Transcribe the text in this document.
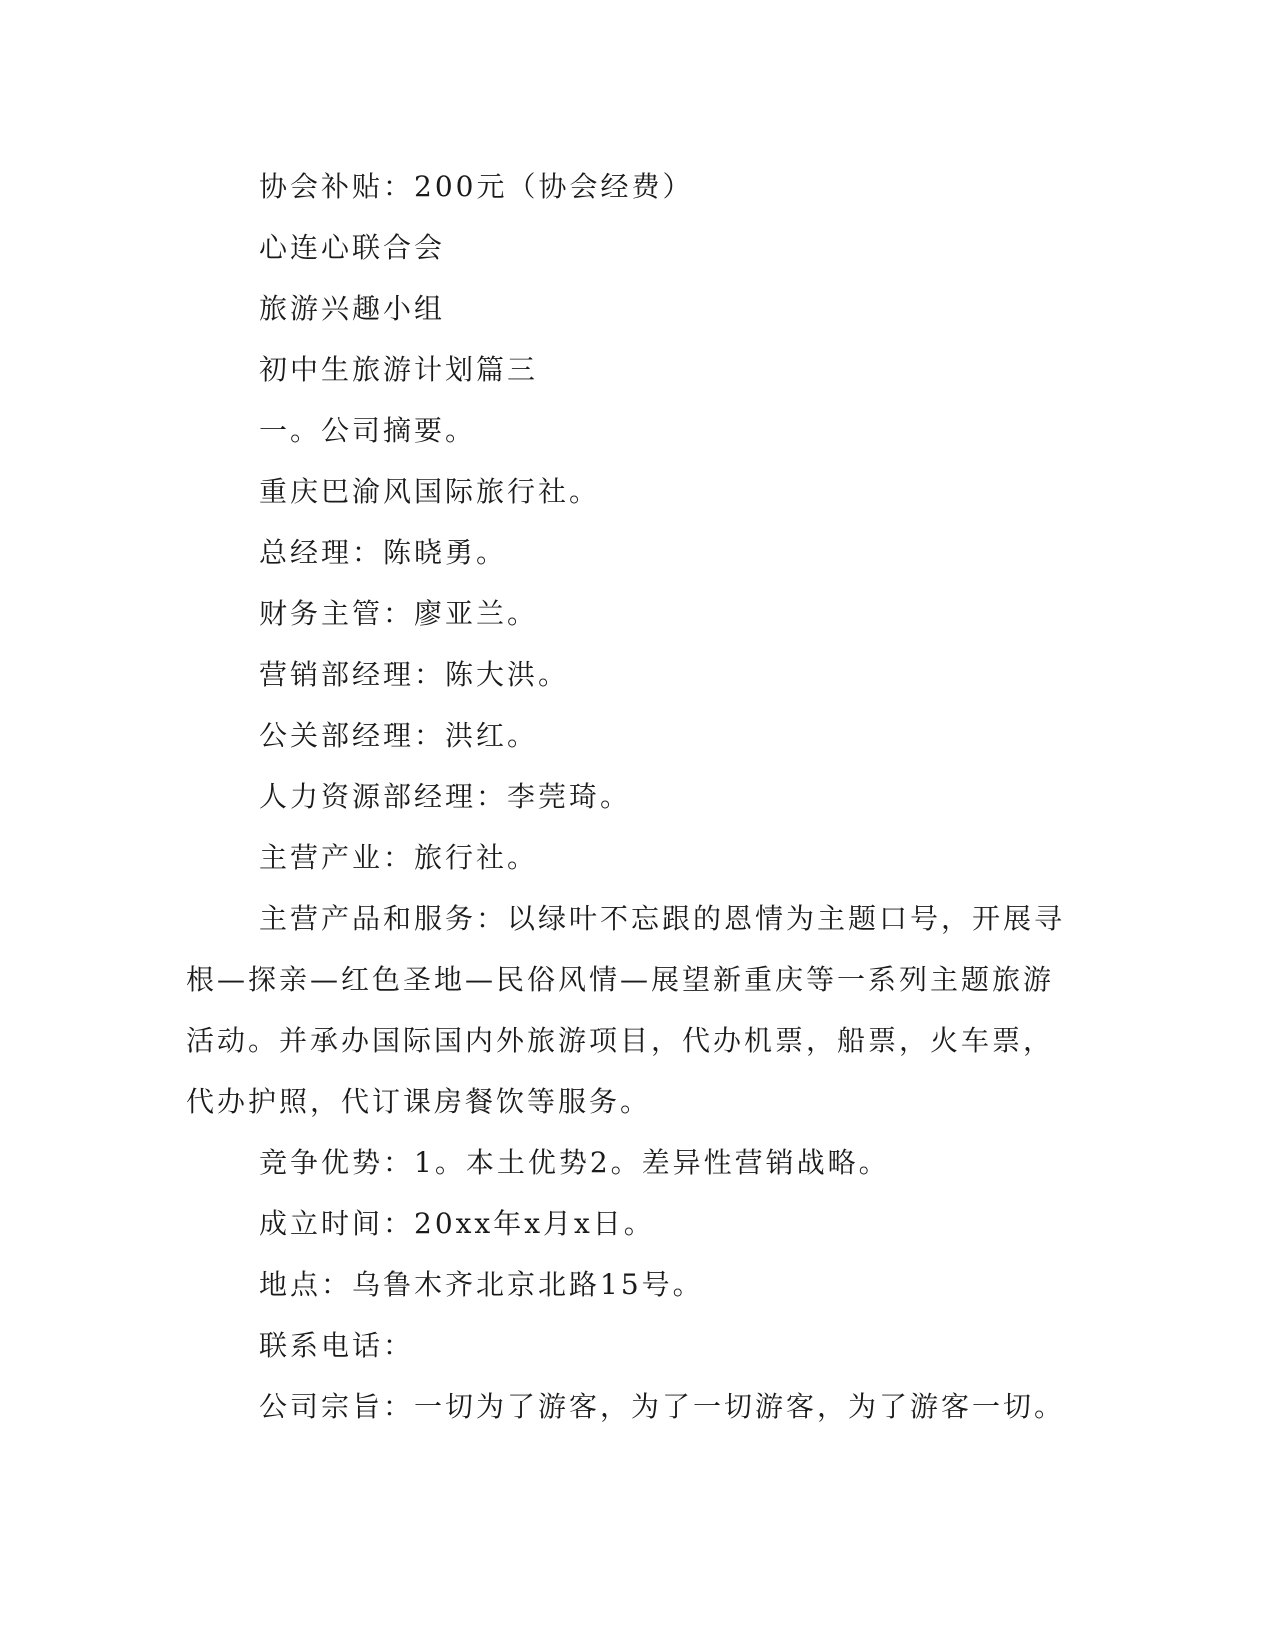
协会补贴：200元（协会经费）

心连心联合会

旅游兴趣小组

初中生旅游计划篇三

一。公司摘要。

重庆巴渝风国际旅行社。

总经理：陈晓勇。

财务主管：廖亚兰。

营销部经理：陈大洪。

公关部经理：洪红。

人力资源部经理：李莞琦。

主营产业：旅行社。

主营产品和服务：以绿叶不忘跟的恩情为主题口号，开展寻根—探亲—红色圣地—民俗风情—展望新重庆等一系列主题旅游活动。并承办国际国内外旅游项目，代办机票，船票，火车票，代办护照，代订课房餐饮等服务。

竞争优势：1。本土优势2。差异性营销战略。

成立时间：20xx年x月x日。

地点：乌鲁木齐北京北路15号。

联系电话：

公司宗旨：一切为了游客，为了一切游客，为了游客一切。
